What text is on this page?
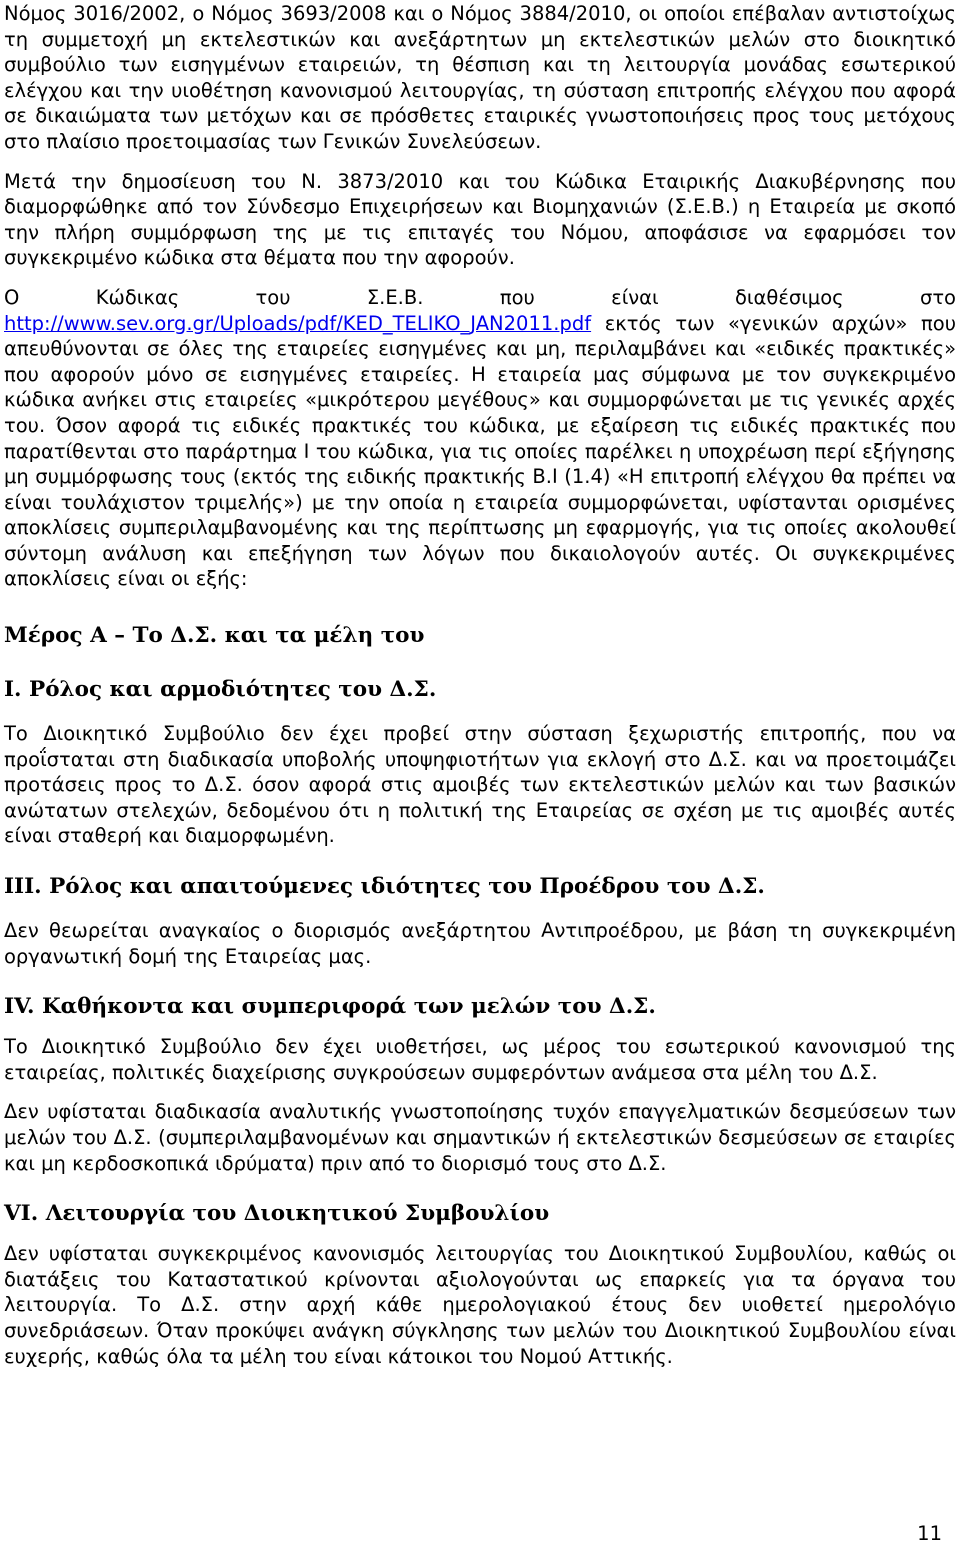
Νόμος 3016/2002, ο Νόμος 3693/2008 και ο Νόμος 3884/2010, οι οποίοι επέβαλαν αντιστοίχως τη συμμετοχή μη εκτελεστικών και ανεξάρτητων μη εκτελεστικών μελών στο διοικητικό συμβούλιο των εισηγμένων εταιρειών, τη θέσπιση και τη λειτουργία μονάδας εσωτερικού ελέγχου και την υιοθέτηση κανονισμού λειτουργίας, τη σύσταση επιτροπής ελέγχου που αφορά σε δικαιώματα των μετόχων και σε πρόσθετες εταιρικές γνωστοποιήσεις προς τους μετόχους στο πλαίσιο προετοιμασίας των Γενικών Συνελεύσεων.

Μετά την δημοσίευση του Ν. 3873/2010 και του Κώδικα Εταιρικής Διακυβέρνησης που διαμορφώθηκε από τον Σύνδεσμο Επιχειρήσεων και Βιομηχανιών (Σ.Ε.Β.) η Εταιρεία με σκοπό την πλήρη συμμόρφωση της με τις επιταγές του Νόμου, αποφάσισε να εφαρμόσει τον συγκεκριμένο κώδικα στα θέματα που την αφορούν.

Ο Κώδικας του Σ.Ε.Β. που είναι διαθέσιμος στο http://www.sev.org.gr/Uploads/pdf/KED_TELIKO_JAN2011.pdf εκτός των «γενικών αρχών» που απευθύνονται σε όλες της εταιρείες εισηγμένες και μη, περιλαμβάνει και «ειδικές πρακτικές» που αφορούν μόνο σε εισηγμένες εταιρείες. Η εταιρεία μας σύμφωνα με τον συγκεκριμένο κώδικα ανήκει στις εταιρείες «μικρότερου μεγέθους» και συμμορφώνεται με τις γενικές αρχές του. Όσον αφορά τις ειδικές πρακτικές του κώδικα, με εξαίρεση τις ειδικές πρακτικές που παρατίθενται στο παράρτημα Ι του κώδικα, για τις οποίες παρέλκει η υποχρέωση περί εξήγησης μη συμμόρφωσης τους (εκτός της ειδικής πρακτικής Β.Ι (1.4) «Η επιτροπή ελέγχου θα πρέπει να είναι τουλάχιστον τριμελής») με την οποία η εταιρεία συμμορφώνεται, υφίστανται ορισμένες αποκλίσεις συμπεριλαμβανομένης και της περίπτωσης μη εφαρμογής, για τις οποίες ακολουθεί σύντομη ανάλυση και επεξήγηση των λόγων που δικαιολογούν αυτές. Οι συγκεκριμένες αποκλίσεις είναι οι εξής:

Μέρος Α – Το Δ.Σ. και τα μέλη του
Ι. Ρόλος και αρμοδιότητες του Δ.Σ.

Το Διοικητικό Συμβούλιο δεν έχει προβεί στην σύσταση ξεχωριστής επιτροπής, που να προΐσταται στη διαδικασία υποβολής υποψηφιοτήτων για εκλογή στο Δ.Σ. και να προετοιμάζει προτάσεις προς το Δ.Σ. όσον αφορά στις αμοιβές των εκτελεστικών μελών και των βασικών ανώτατων στελεχών, δεδομένου ότι η πολιτική της Εταιρείας σε σχέση με τις αμοιβές αυτές είναι σταθερή και διαμορφωμένη.

ΙΙΙ. Ρόλος και απαιτούμενες ιδιότητες του Προέδρου του Δ.Σ.

Δεν θεωρείται αναγκαίος ο διορισμός ανεξάρτητου Αντιπροέδρου, με βάση τη συγκεκριμένη οργανωτική δομή της Εταιρείας μας.

ΙV. Καθήκοντα και συμπεριφορά των μελών του Δ.Σ.

Το Διοικητικό Συμβούλιο δεν έχει υιοθετήσει, ως μέρος του εσωτερικού κανονισμού της εταιρείας, πολιτικές διαχείρισης συγκρούσεων συμφερόντων ανάμεσα στα μέλη του Δ.Σ.

Δεν υφίσταται διαδικασία αναλυτικής γνωστοποίησης τυχόν επαγγελματικών δεσμεύσεων των μελών του Δ.Σ. (συμπεριλαμβανομένων και σημαντικών ή εκτελεστικών δεσμεύσεων σε εταιρίες και μη κερδοσκοπικά ιδρύματα) πριν από το διορισμό τους στο Δ.Σ.

VΙ. Λειτουργία του Διοικητικού Συμβουλίου

Δεν υφίσταται συγκεκριμένος κανονισμός λειτουργίας του Διοικητικού Συμβουλίου, καθώς οι διατάξεις του Καταστατικού κρίνονται αξιολογούνται ως επαρκείς για τα όργανα του λειτουργία. Το Δ.Σ. στην αρχή κάθε ημερολογιακού έτους δεν υιοθετεί ημερολόγιο συνεδριάσεων. Όταν προκύψει ανάγκη σύγκλησης των μελών του Διοικητικού Συμβουλίου είναι ευχερής, καθώς όλα τα μέλη του είναι κάτοικοι του Νομού Αττικής.

11
